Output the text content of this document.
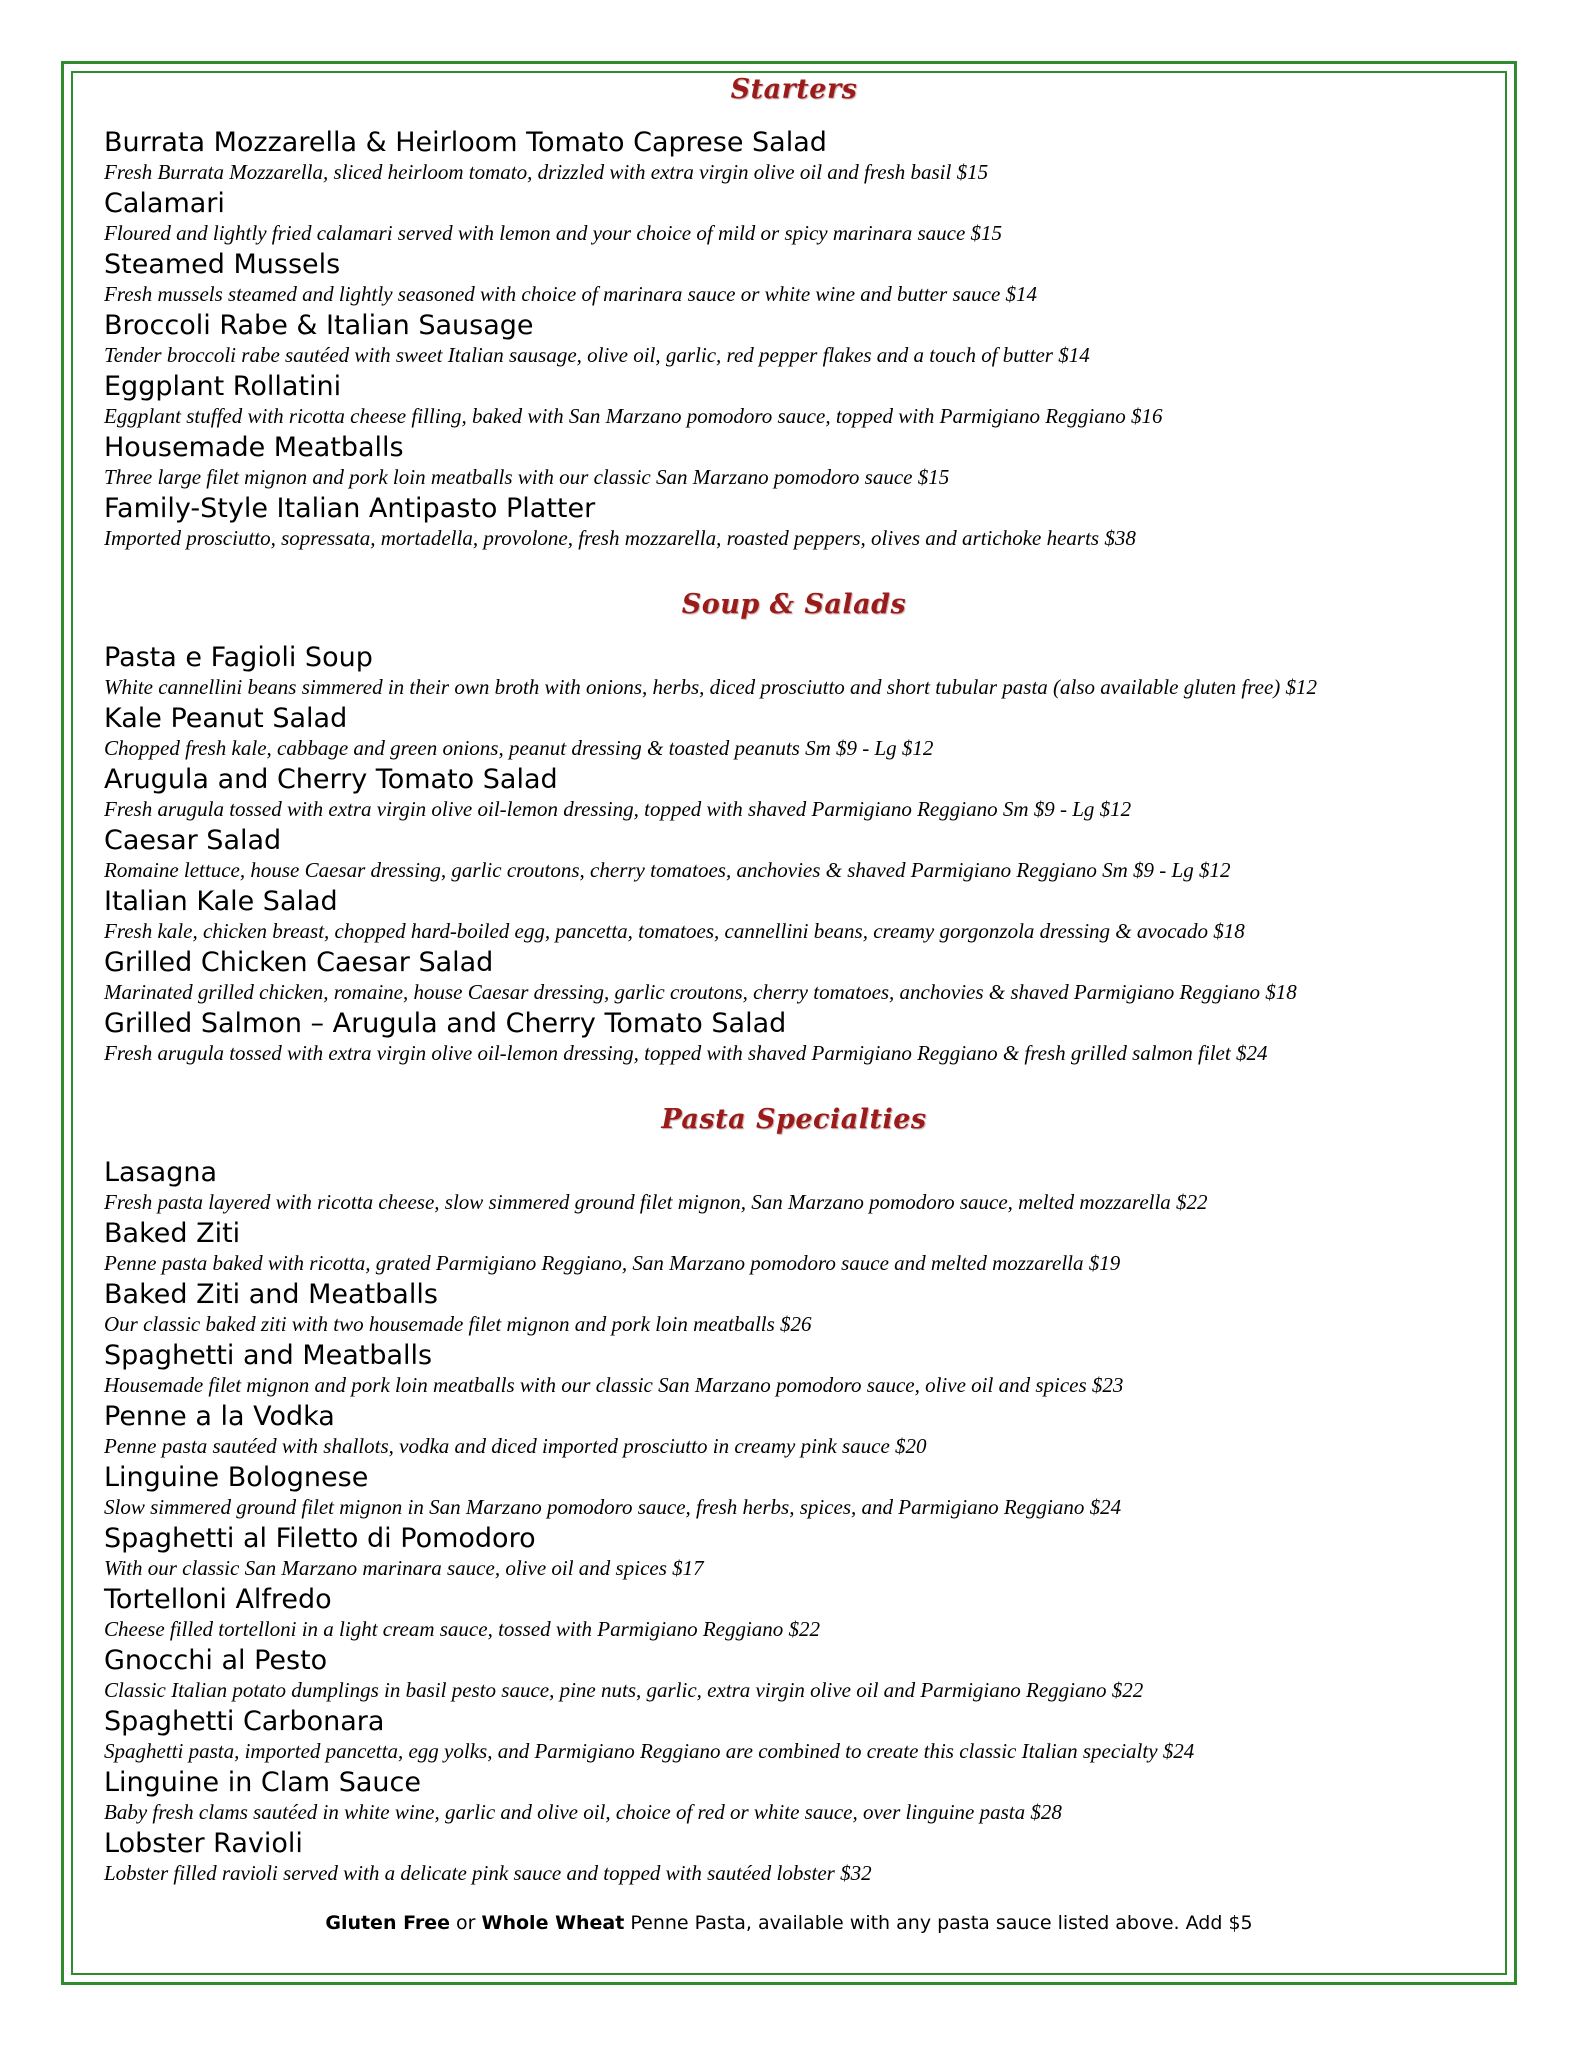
Starters
Burrata Mozzarella & Heirloom Tomato Caprese Salad
Fresh Burrata Mozzarella, sliced heirloom tomato, drizzled with extra virgin olive oil and fresh basil $15
Calamari
Floured and lightly fried calamari served with lemon and your choice of mild or spicy marinara sauce $15
Steamed Mussels
Fresh mussels steamed and lightly seasoned with choice of marinara sauce or white wine and butter sauce $14
Broccoli Rabe & Italian Sausage
Tender broccoli rabe sautéed with sweet Italian sausage, olive oil, garlic, red pepper flakes and a touch of butter $14
Eggplant Rollatini
Eggplant stuffed with ricotta cheese filling, baked with San Marzano pomodoro sauce, topped with Parmigiano Reggiano $16
Housemade Meatballs
Three large filet mignon and pork loin meatballs with our classic San Marzano pomodoro sauce $15
Family-Style Italian Antipasto Platter
Imported prosciutto, sopressata, mortadella, provolone, fresh mozzarella, roasted peppers, olives and artichoke hearts $38
Soup & Salads
Pasta e Fagioli Soup
White cannellini beans simmered in their own broth with onions, herbs, diced prosciutto and short tubular pasta (also available gluten free) $12
Kale Peanut Salad
Chopped fresh kale, cabbage and green onions, peanut dressing & toasted peanuts Sm $9 - Lg $12
Arugula and Cherry Tomato Salad
Fresh arugula tossed with extra virgin olive oil-lemon dressing, topped with shaved Parmigiano Reggiano Sm $9 - Lg $12
Caesar Salad
Romaine lettuce, house Caesar dressing, garlic croutons, cherry tomatoes, anchovies & shaved Parmigiano Reggiano Sm $9 - Lg $12
Italian Kale Salad
Fresh kale, chicken breast, chopped hard-boiled egg, pancetta, tomatoes, cannellini beans, creamy gorgonzola dressing & avocado $18
Grilled Chicken Caesar Salad
Marinated grilled chicken, romaine, house Caesar dressing, garlic croutons, cherry tomatoes, anchovies & shaved Parmigiano Reggiano $18
Grilled Salmon – Arugula and Cherry Tomato Salad
Fresh arugula tossed with extra virgin olive oil-lemon dressing, topped with shaved Parmigiano Reggiano & fresh grilled salmon filet $24
Pasta Specialties
Lasagna
Fresh pasta layered with ricotta cheese, slow simmered ground filet mignon, San Marzano pomodoro sauce, melted mozzarella $22
Baked Ziti
Penne pasta baked with ricotta, grated Parmigiano Reggiano, San Marzano pomodoro sauce and melted mozzarella $19
Baked Ziti and Meatballs
Our classic baked ziti with two housemade filet mignon and pork loin meatballs $26
Spaghetti and Meatballs
Housemade filet mignon and pork loin meatballs with our classic San Marzano pomodoro sauce, olive oil and spices $23
Penne a la Vodka
Penne pasta sautéed with shallots, vodka and diced imported prosciutto in creamy pink sauce $20
Linguine Bolognese
Slow simmered ground filet mignon in San Marzano pomodoro sauce, fresh herbs, spices, and Parmigiano Reggiano $24
Spaghetti al Filetto di Pomodoro
With our classic San Marzano marinara sauce, olive oil and spices $17
Tortelloni Alfredo
Cheese filled tortelloni in a light cream sauce, tossed with Parmigiano Reggiano $22
Gnocchi al Pesto
Classic Italian potato dumplings in basil pesto sauce, pine nuts, garlic, extra virgin olive oil and Parmigiano Reggiano $22
Spaghetti Carbonara
Spaghetti pasta, imported pancetta, egg yolks, and Parmigiano Reggiano are combined to create this classic Italian specialty $24
Linguine in Clam Sauce
Baby fresh clams sautéed in white wine, garlic and olive oil, choice of red or white sauce, over linguine pasta $28
Lobster Ravioli
Lobster filled ravioli served with a delicate pink sauce and topped with sautéed lobster $32
Gluten Free or Whole Wheat Penne Pasta, available with any pasta sauce listed above. Add $5
